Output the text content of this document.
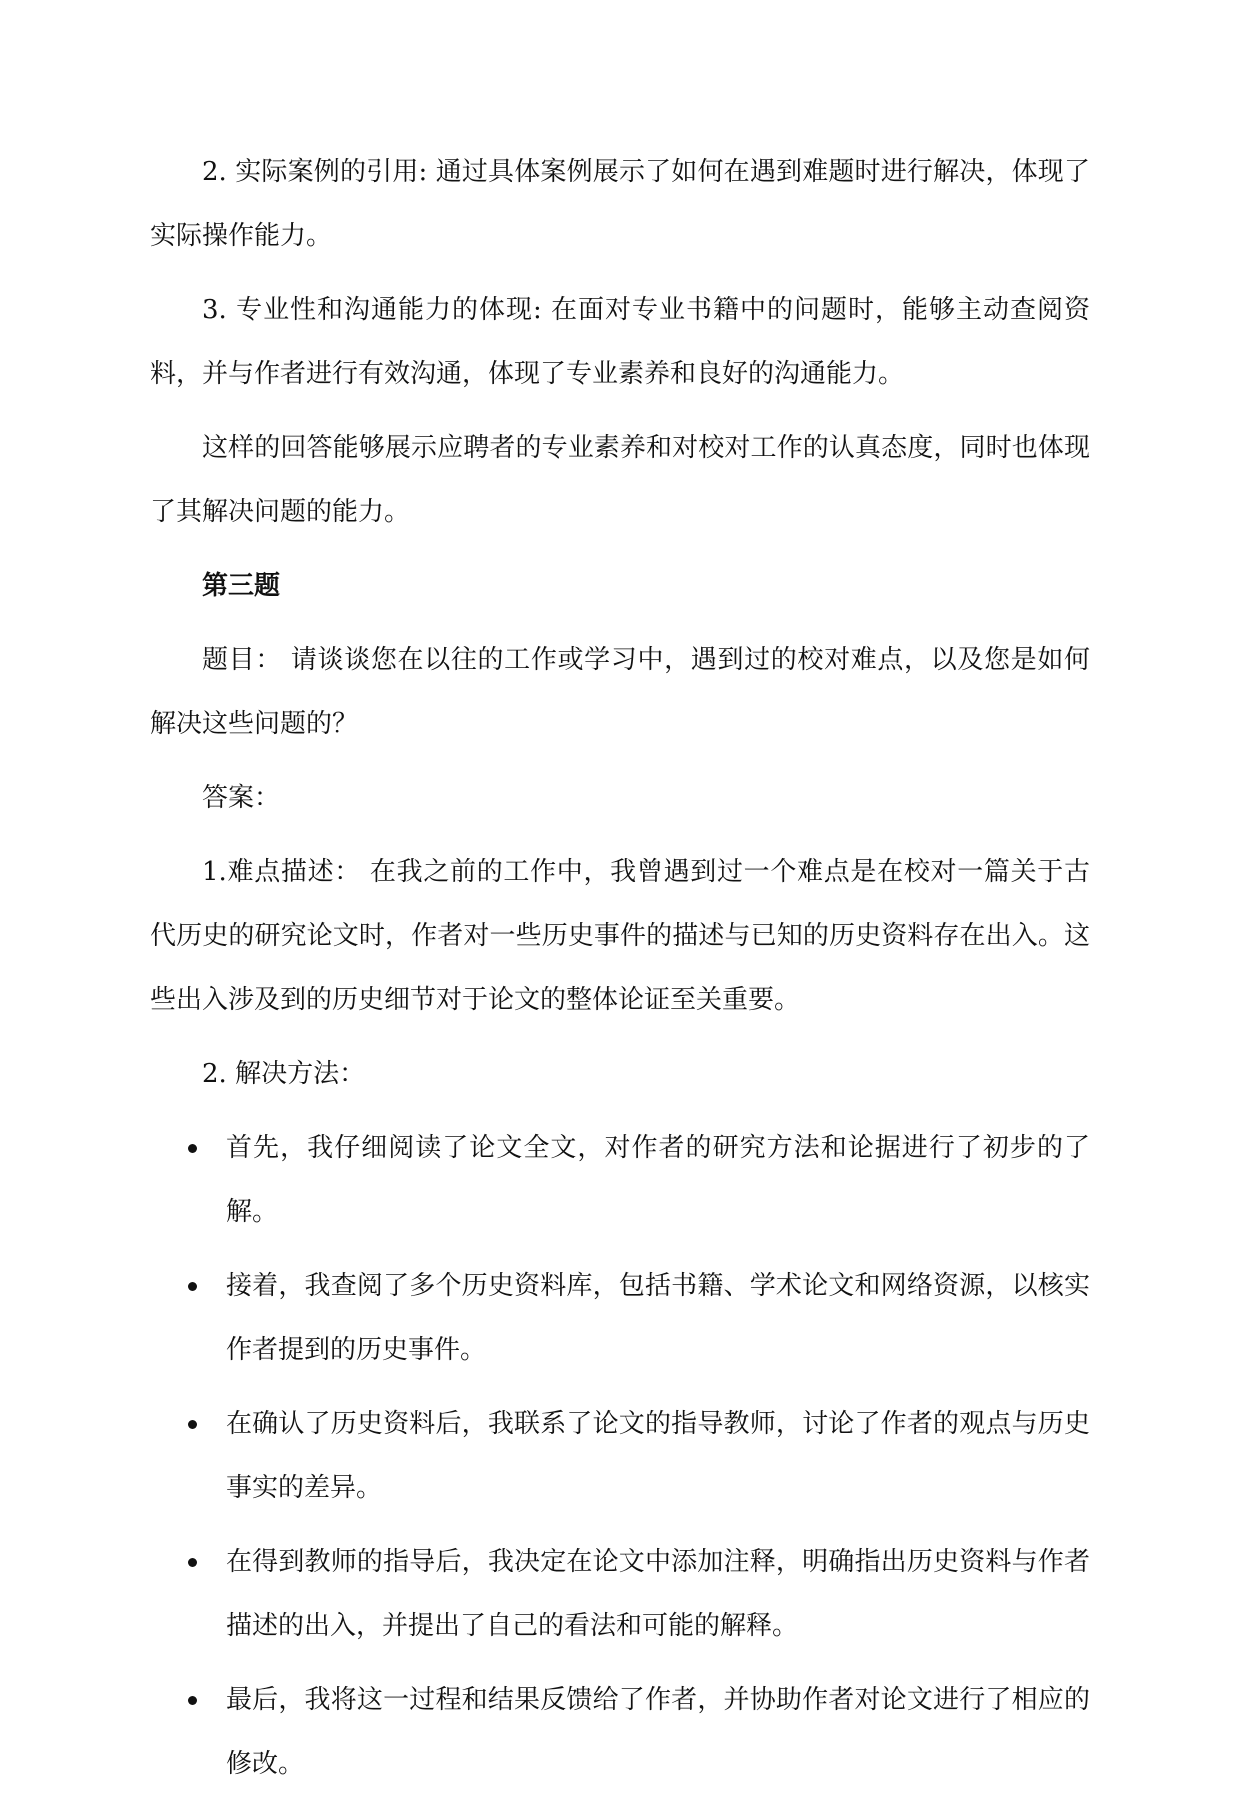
2. 实际案例的引用: 通过具体案例展示了如何在遇到难题时进行解决，体现了实际操作能力。

3. 专业性和沟通能力的体现: 在面对专业书籍中的问题时，能够主动查阅资料，并与作者进行有效沟通，体现了专业素养和良好的沟通能力。

这样的回答能够展示应聘者的专业素养和对校对工作的认真态度，同时也体现了其解决问题的能力。

第三题

题目： 请谈谈您在以往的工作或学习中，遇到过的校对难点，以及您是如何解决这些问题的？

答案：

1.难点描述： 在我之前的工作中，我曾遇到过一个难点是在校对一篇关于古代历史的研究论文时，作者对一些历史事件的描述与已知的历史资料存在出入。这些出入涉及到的历史细节对于论文的整体论证至关重要。

2. 解决方法：

首先，我仔细阅读了论文全文，对作者的研究方法和论据进行了初步的了解。
接着，我查阅了多个历史资料库，包括书籍、学术论文和网络资源，以核实作者提到的历史事件。
在确认了历史资料后，我联系了论文的指导教师，讨论了作者的观点与历史事实的差异。
在得到教师的指导后，我决定在论文中添加注释，明确指出历史资料与作者描述的出入，并提出了自己的看法和可能的解释。
最后，我将这一过程和结果反馈给了作者，并协助作者对论文进行了相应的修改。
